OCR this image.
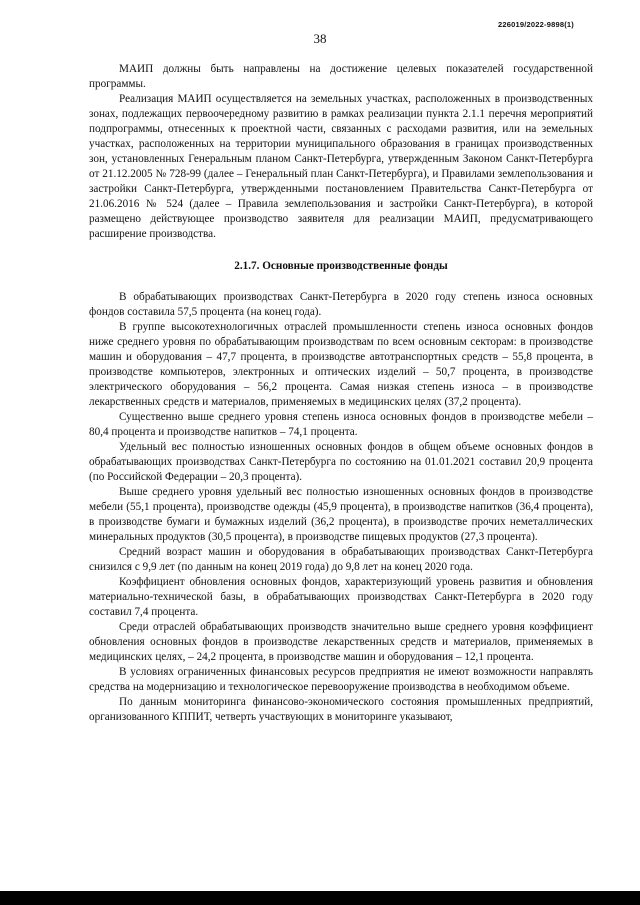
226019/2022-9898(1)
38

МАИП должны быть направлены на достижение целевых показателей государственной программы.

Реализация МАИП осуществляется на земельных участках, расположенных в производственных зонах, подлежащих первоочередному развитию в рамках реализации пункта 2.1.1 перечня мероприятий подпрограммы, отнесенных к проектной части, связанных с расходами развития, или на земельных участках, расположенных на территории муниципального образования в границах производственных зон, установленных Генеральным планом Санкт-Петербурга, утвержденным Законом Санкт-Петербурга от 21.12.2005 № 728-99 (далее – Генеральный план Санкт-Петербурга), и Правилами землепользования и застройки Санкт-Петербурга, утвержденными постановлением Правительства Санкт-Петербурга от 21.06.2016 № 524 (далее – Правила землепользования и застройки Санкт-Петербурга), в которой размещено действующее производство заявителя для реализации МАИП, предусматривающего расширение производства.

2.1.7. Основные производственные фонды

В обрабатывающих производствах Санкт-Петербурга в 2020 году степень износа основных фондов составила 57,5 процента (на конец года).

В группе высокотехнологичных отраслей промышленности степень износа основных фондов ниже среднего уровня по обрабатывающим производствам по всем основным секторам: в производстве машин и оборудования – 47,7 процента, в производстве автотранспортных средств – 55,8 процента, в производстве компьютеров, электронных и оптических изделий – 50,7 процента, в производстве электрического оборудования – 56,2 процента. Самая низкая степень износа – в производстве лекарственных средств и материалов, применяемых в медицинских целях (37,2 процента).

Существенно выше среднего уровня степень износа основных фондов в производстве мебели – 80,4 процента и производстве напитков – 74,1 процента.

Удельный вес полностью изношенных основных фондов в общем объеме основных фондов в обрабатывающих производствах Санкт-Петербурга по состоянию на 01.01.2021 составил 20,9 процента (по Российской Федерации – 20,3 процента).

Выше среднего уровня удельный вес полностью изношенных основных фондов в производстве мебели (55,1 процента), производстве одежды (45,9 процента), в производстве напитков (36,4 процента), в производстве бумаги и бумажных изделий (36,2 процента), в производстве прочих неметаллических минеральных продуктов (30,5 процента), в производстве пищевых продуктов (27,3 процента).

Средний возраст машин и оборудования в обрабатывающих производствах Санкт-Петербурга снизился с 9,9 лет (по данным на конец 2019 года) до 9,8 лет на конец 2020 года.

Коэффициент обновления основных фондов, характеризующий уровень развития и обновления материально-технической базы, в обрабатывающих производствах Санкт-Петербурга в 2020 году составил 7,4 процента.

Среди отраслей обрабатывающих производств значительно выше среднего уровня коэффициент обновления основных фондов в производстве лекарственных средств и материалов, применяемых в медицинских целях, – 24,2 процента, в производстве машин и оборудования – 12,1 процента.

В условиях ограниченных финансовых ресурсов предприятия не имеют возможности направлять средства на модернизацию и технологическое перевооружение производства в необходимом объеме.

По данным мониторинга финансово-экономического состояния промышленных предприятий, организованного КППИТ, четверть участвующих в мониторинге указывают,
